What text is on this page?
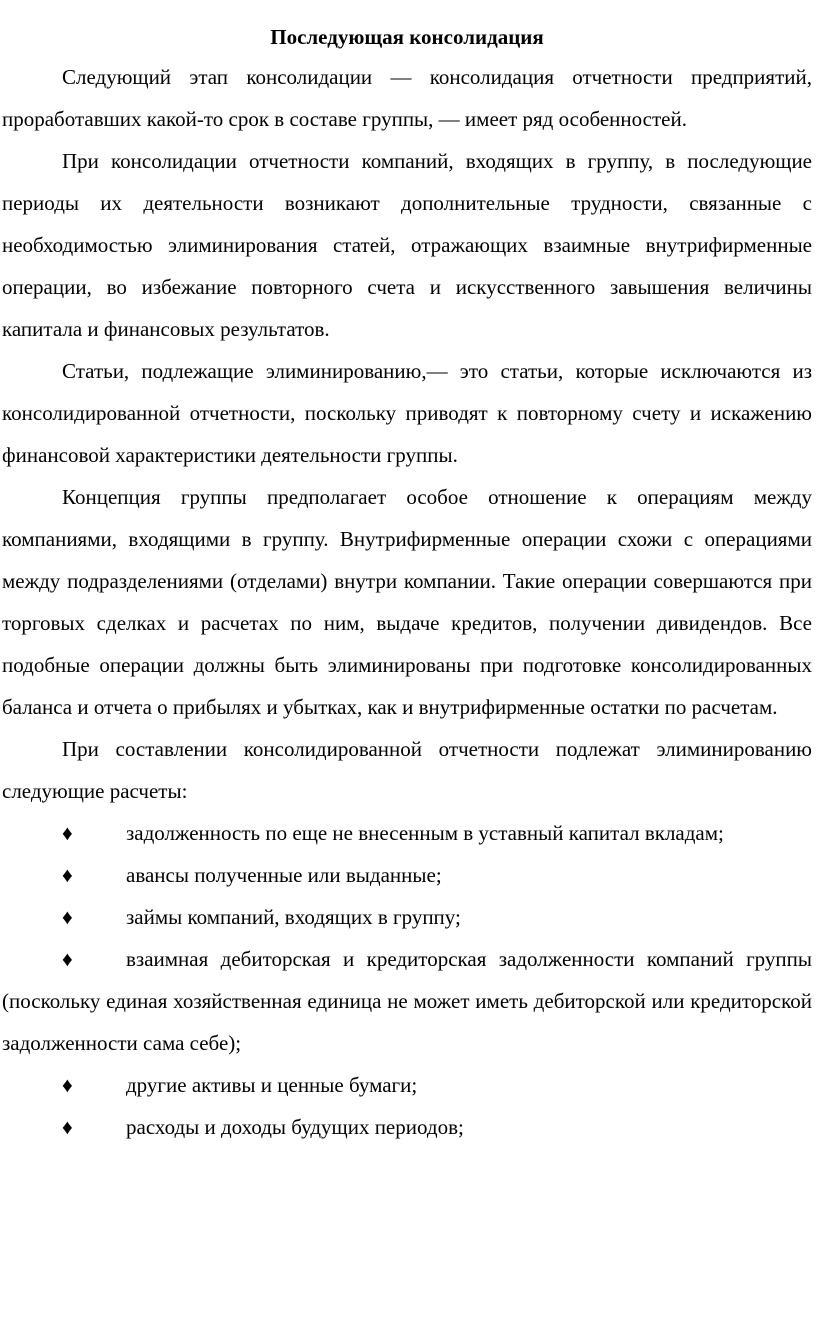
Последующая консолидация

Следующий этап консолидации — консолидация отчетности предприятий, проработавших какой-то срок в составе группы, — имеет ряд особенностей.

При консолидации отчетности компаний, входящих в группу, в последующие периоды их деятельности возникают дополнительные трудности, связанные с необходимостью элиминирования статей, отражающих взаимные внутрифирменные операции, во избежание повторного счета и искусственного завышения величины капитала и финансовых результатов.

Статьи, подлежащие элиминированию,— это статьи, которые исключаются из консолидированной отчетности, поскольку приводят к повторному счету и искажению финансовой характеристики деятельности группы.

Концепция группы предполагает особое отношение к операциям между компаниями, входящими в группу. Внутрифирменные операции схожи с операциями между подразделениями (отделами) внутри компании. Такие операции совершаются при торговых сделках и расчетах по ним, выдаче кредитов, получении дивидендов. Все подобные операции должны быть элиминированы при подготовке консолидированных баланса и отчета о прибылях и убытках, как и внутрифирменные остатки по расчетам.

При составлении консолидированной отчетности подлежат элиминированию следующие расчеты:

♦	задолженность по еще не внесенным в уставный капитал вкладам;

♦	авансы полученные или выданные;

♦	займы компаний, входящих в группу;

♦	взаимная дебиторская и кредиторская задолженности компаний группы (поскольку единая хозяйственная единица не может иметь дебиторской или кредиторской задолженности сама себе);

♦	другие активы и ценные бумаги;

♦	расходы и доходы будущих периодов;
